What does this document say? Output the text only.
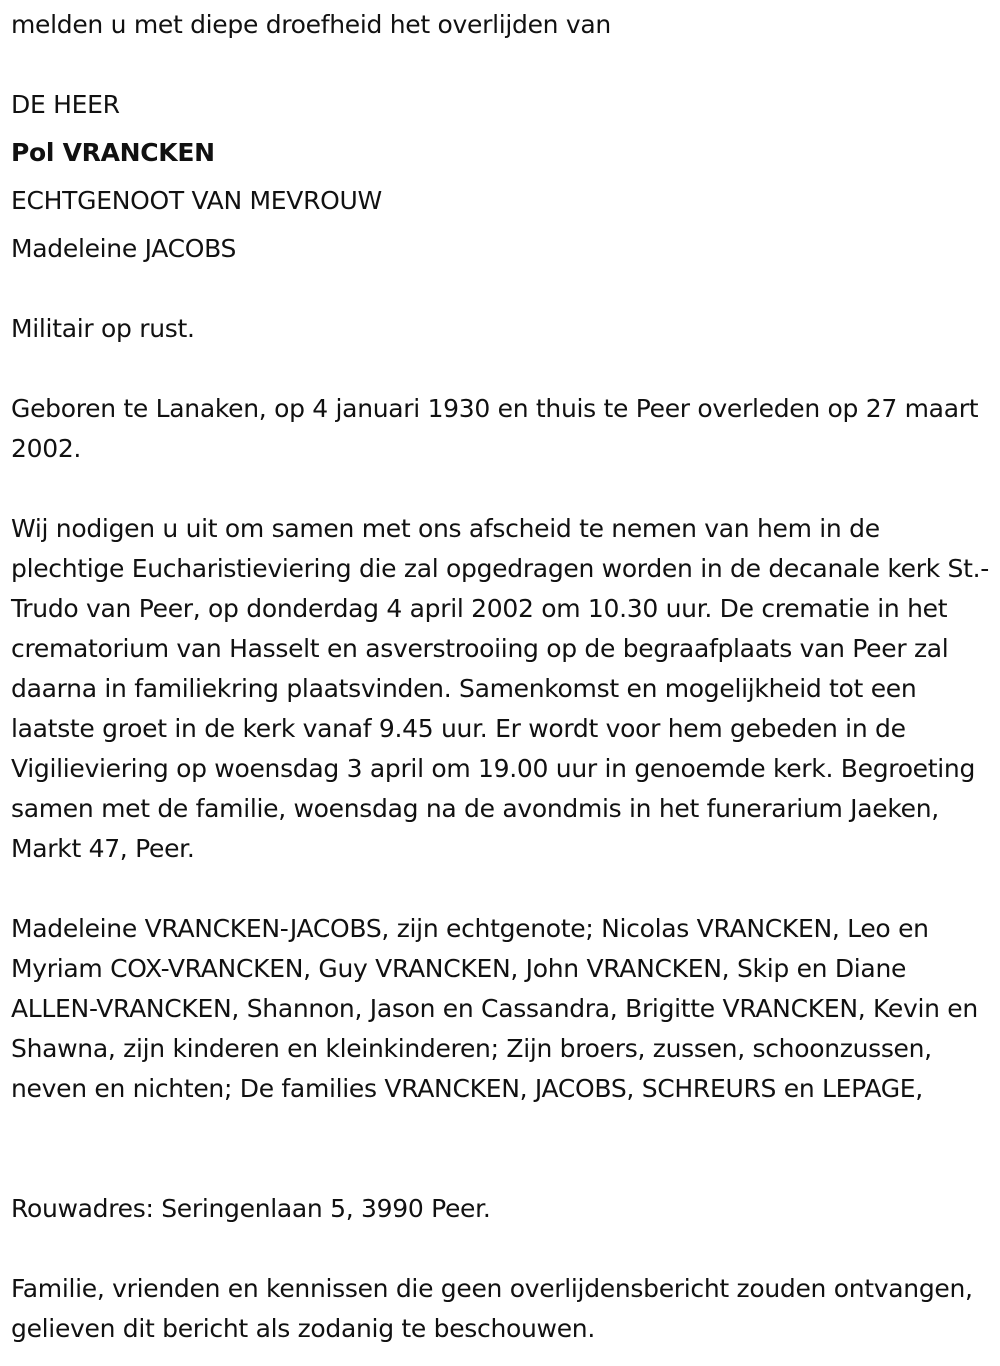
melden u met diepe droefheid het overlijden van

DE HEER

Pol VRANCKEN

ECHTGENOOT VAN MEVROUW

Madeleine JACOBS

Militair op rust.

Geboren te Lanaken, op 4 januari 1930 en thuis te Peer overleden op 27 maart 2002.

Wij nodigen u uit om samen met ons afscheid te nemen van hem in de plechtige Eucharistieviering die zal opgedragen worden in de decanale kerk St.-Trudo van Peer, op donderdag 4 april 2002 om 10.30 uur. De crematie in het crematorium van Hasselt en asverstrooiing op de begraafplaats van Peer zal daarna in familiekring plaatsvinden. Samenkomst en mogelijkheid tot een laatste groet in de kerk vanaf 9.45 uur. Er wordt voor hem gebeden in de Vigilieviering op woensdag 3 april om 19.00 uur in genoemde kerk. Begroeting samen met de familie, woensdag na de avondmis in het funerarium Jaeken, Markt 47, Peer.

Madeleine VRANCKEN-JACOBS, zijn echtgenote; Nicolas VRANCKEN, Leo en Myriam COX-VRANCKEN, Guy VRANCKEN, John VRANCKEN, Skip en Diane ALLEN-VRANCKEN, Shannon, Jason en Cassandra, Brigitte VRANCKEN, Kevin en Shawna, zijn kinderen en kleinkinderen; Zijn broers, zussen, schoonzussen, neven en nichten; De families VRANCKEN, JACOBS, SCHREURS en LEPAGE,

Rouwadres: Seringenlaan 5, 3990 Peer.

Familie, vrienden en kennissen die geen overlijdensbericht zouden ontvangen, gelieven dit bericht als zodanig te beschouwen.
